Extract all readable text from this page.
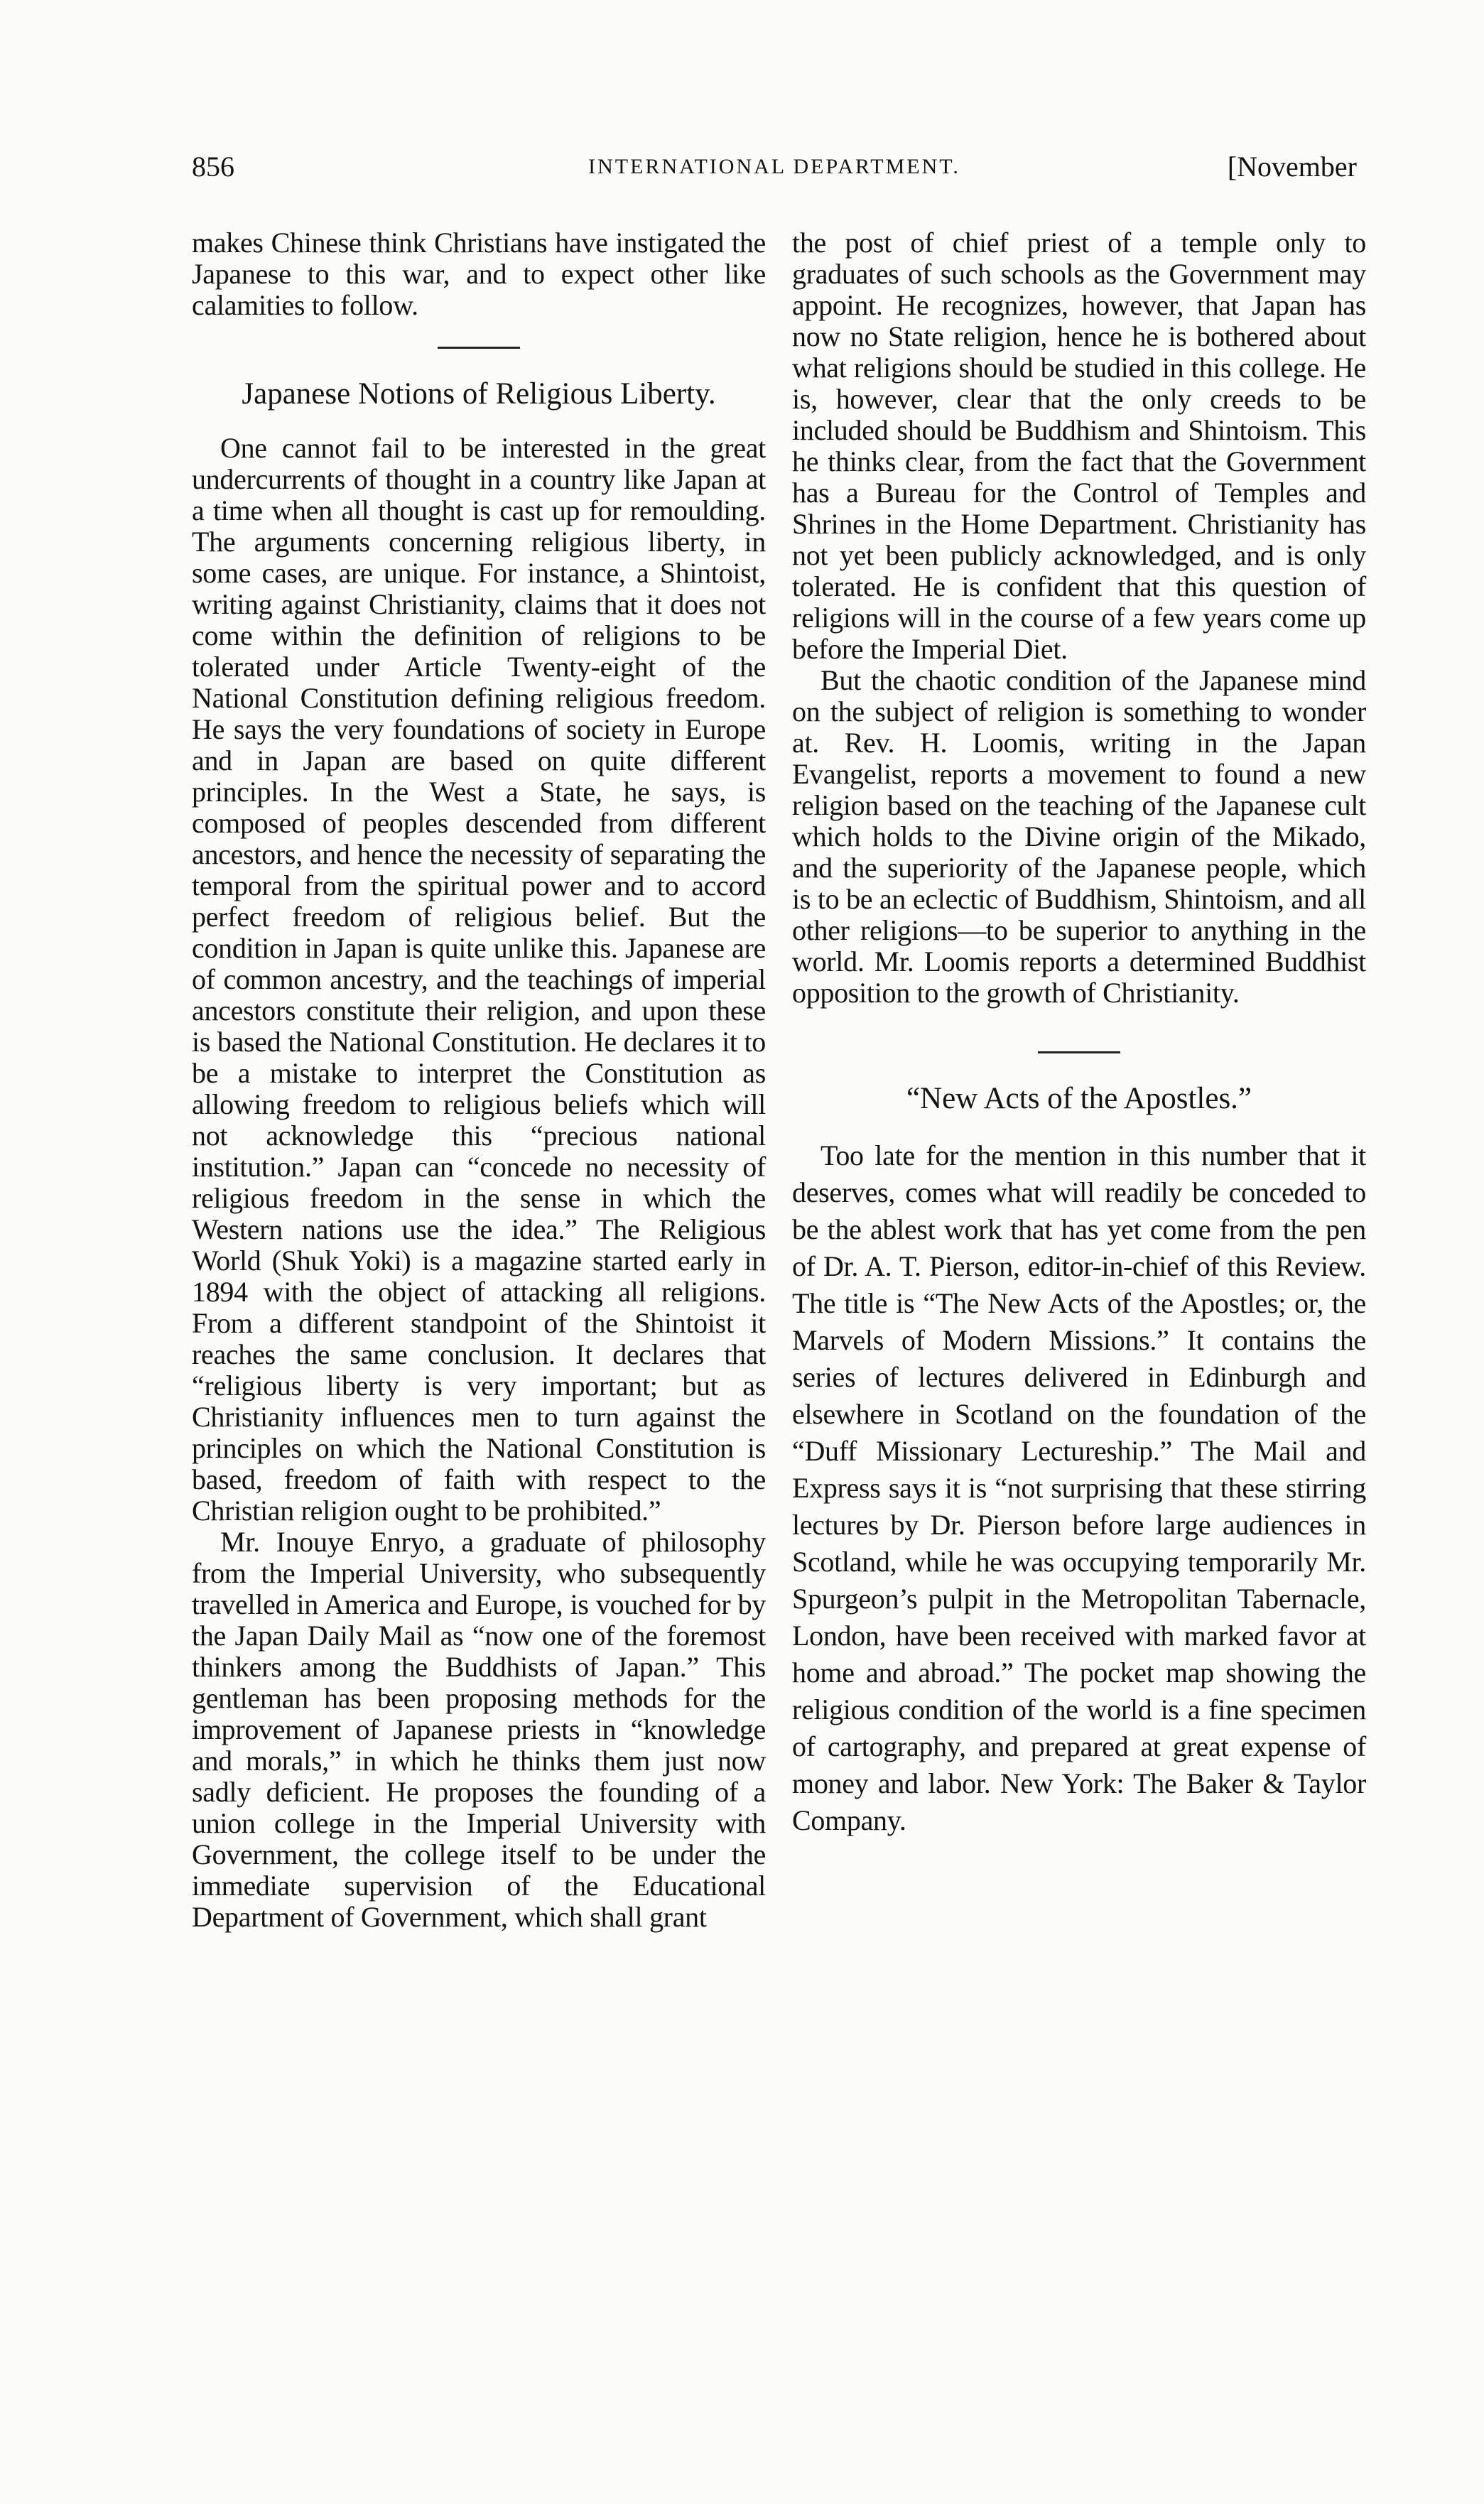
856	INTERNATIONAL DEPARTMENT.	[November

makes Chinese think Christians have instigated the Japanese to this war, and to expect other like calamities to follow.

Japanese Notions of Religious Liberty.

One cannot fail to be interested in the great undercurrents of thought in a country like Japan at a time when all thought is cast up for remoulding. The arguments concerning religious liberty, in some cases, are unique. For instance, a Shintoist, writing against Christianity, claims that it does not come within the definition of religions to be tolerated under Article Twenty-eight of the National Constitution defining religious freedom. He says the very foundations of society in Europe and in Japan are based on quite different principles. In the West a State, he says, is composed of peoples descended from different ancestors, and hence the necessity of separating the temporal from the spiritual power and to accord perfect freedom of religious belief. But the condition in Japan is quite unlike this. Japanese are of common ancestry, and the teachings of imperial ancestors constitute their religion, and upon these is based the National Constitution. He declares it to be a mistake to interpret the Constitution as allowing freedom to religious beliefs which will not acknowledge this “precious national institution.” Japan can “concede no necessity of religious freedom in the sense in which the Western nations use the idea.” The Religious World (Shuk Yoki) is a magazine started early in 1894 with the object of attacking all religions. From a different standpoint of the Shintoist it reaches the same conclusion. It declares that “religious liberty is very important; but as Christianity influences men to turn against the principles on which the National Constitution is based, freedom of faith with respect to the Christian religion ought to be prohibited.”

Mr. Inouye Enryo, a graduate of philosophy from the Imperial University, who subsequently travelled in America and Europe, is vouched for by the Japan Daily Mail as “now one of the foremost thinkers among the Buddhists of Japan.” This gentleman has been proposing methods for the improvement of Japanese priests in “knowledge and morals,” in which he thinks them just now sadly deficient. He proposes the founding of a union college in the Imperial University with Government, the college itself to be under the immediate supervision of the Educational Department of Government, which shall grant

the post of chief priest of a temple only to graduates of such schools as the Government may appoint. He recognizes, however, that Japan has now no State religion, hence he is bothered about what religions should be studied in this college. He is, however, clear that the only creeds to be included should be Buddhism and Shintoism. This he thinks clear, from the fact that the Government has a Bureau for the Control of Temples and Shrines in the Home Department. Christianity has not yet been publicly acknowledged, and is only tolerated. He is confident that this question of religions will in the course of a few years come up before the Imperial Diet.

But the chaotic condition of the Japanese mind on the subject of religion is something to wonder at. Rev. H. Loomis, writing in the Japan Evangelist, reports a movement to found a new religion based on the teaching of the Japanese cult which holds to the Divine origin of the Mikado, and the superiority of the Japanese people, which is to be an eclectic of Buddhism, Shintoism, and all other religions—to be superior to anything in the world. Mr. Loomis reports a determined Buddhist opposition to the growth of Christianity.

“New Acts of the Apostles.”

Too late for the mention in this number that it deserves, comes what will readily be conceded to be the ablest work that has yet come from the pen of Dr. A. T. Pierson, editor-in-chief of this Review. The title is “The New Acts of the Apostles; or, the Marvels of Modern Missions.” It contains the series of lectures delivered in Edinburgh and elsewhere in Scotland on the foundation of the “Duff Missionary Lectureship.” The Mail and Express says it is “not surprising that these stirring lectures by Dr. Pierson before large audiences in Scotland, while he was occupying temporarily Mr. Spurgeon’s pulpit in the Metropolitan Tabernacle, London, have been received with marked favor at home and abroad.” The pocket map showing the religious condition of the world is a fine specimen of cartography, and prepared at great expense of money and labor. New York: The Baker & Taylor Company.
